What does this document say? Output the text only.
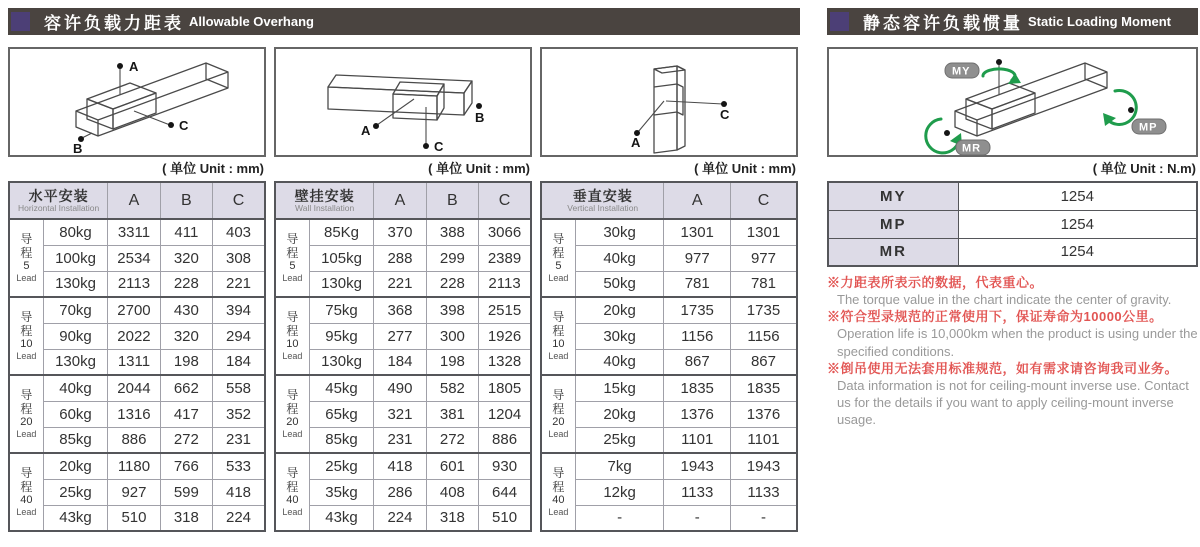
容许负载力距表 Allowable Overhang
A
C
B
( 单位 Unit : mm)
水平安装
Horizontal Installation		A	B	C

导
程
5
Lead	80kg	3311	411	403
	100kg	2534	320	308
	130kg	2113	228	221

导
程
10
Lead	70kg	2700	430	394
	90kg	2022	320	294
	130kg	1311	198	184

导
程
20
Lead	40kg	2044	662	558
	60kg	1316	417	352
	85kg	886	272	231

导
程
40
Lead	20kg	1180	766	533
	25kg	927	599	418
	43kg	510	318	224
A
B
C
( 单位 Unit : mm)
壁挂安装
Wall Installation		A	B	C

导
程
5
Lead	85Kg	370	388	3066
	105kg	288	299	2389
	130kg	221	228	2113

导
程
10
Lead	75kg	368	398	2515
	95kg	277	300	1926
	130kg	184	198	1328

导
程
20
Lead	45kg	490	582	1805
	65kg	321	381	1204
	85kg	231	272	886

导
程
40
Lead	25kg	418	601	930
	35kg	286	408	644
	43kg	224	318	510
A
C
( 单位 Unit : mm)
垂直安装
Vertical Installation		A	C

导
程
5
Lead	30kg	1301	1301
	40kg	977	977
	50kg	781	781

导
程
10
Lead	20kg	1735	1735
	30kg	1156	1156
	40kg	867	867

导
程
20
Lead	15kg	1835	1835
	20kg	1376	1376
	25kg	1101	1101

导
程
40
Lead	7kg	1943	1943
	12kg	1133	1133
	-	-	-
静态容许负载惯量 Static Loading Moment
MY
MP
MR
( 单位 Unit : N.m)
MY	1254
MP	1254
MR	1254
※力距表所表示的数据，代表重心。
The torque value in the chart indicate the center of gravity.
※符合型录规范的正常使用下，保证寿命为10000公里。
Operation life is 10,000km when the product is using under the specified conditions.
※倒吊使用无法套用标准规范，如有需求请咨询我司业务。
Data information is not for ceiling-mount inverse use. Contact us for the details if you want to apply ceiling-mount inverse usage.
